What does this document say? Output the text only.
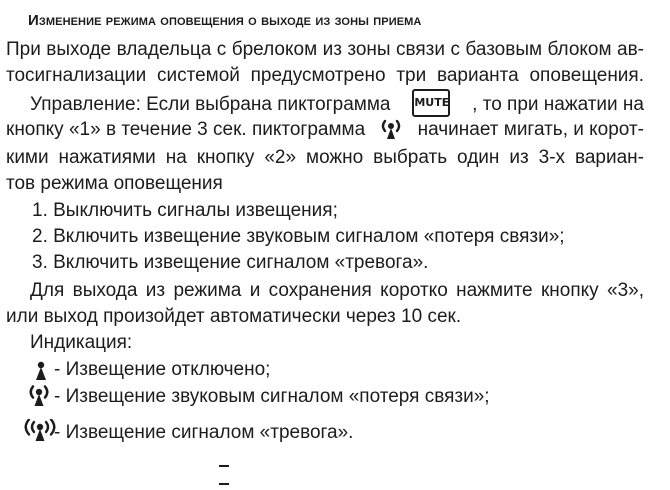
Изменение режима оповещения о выходе из зоны приема
При выходе владельца с брелоком из зоны связи с базовым блоком ав-
тосигнализации системой предусмотрено три варианта оповещения.
Управление: Если выбрана пиктограмма MUTE , то при нажатии на
кнопку «1» в течение 3 сек. пиктограмма	начинает мигать, и корот-
кими нажатиями на кнопку «2» можно выбрать один из 3-х вариан-
тов режима оповещения
1. Выключить сигналы извещения;
2. Включить извещение звуковым сигналом «потеря связи»;
3. Включить извещение сигналом «тревога».
Для выхода из режима и сохранения коротко нажмите кнопку «3»,
или выход произойдет автоматически через 10 сек.
Индикация:
- Извещение отключено;
- Извещение звуковым сигналом «потеря связи»;
- Извещение сигналом «тревога».
